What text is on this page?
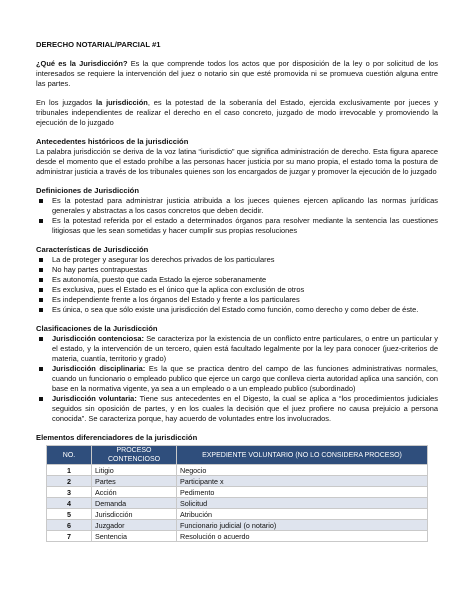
DERECHO NOTARIAL/PARCIAL #1

¿Qué es la Jurisdicción? Es la que comprende todos los actos que por disposición de la ley o por solicitud de los interesados se requiere la intervención del juez o notario sin que esté promovida ni se promueva cuestión alguna entre las partes.

En los juzgados la jurisdicción, es la potestad de la soberanía del Estado, ejercida exclusivamente por jueces y tribunales independientes de realizar el derecho en el caso concreto, juzgado de modo irrevocable y promoviendo la ejecución de lo juzgado

Antecedentes históricos de la jurisdicción
La palabra jurisdicción se deriva de la voz latina “iurisdictio” que significa administración de derecho. Esta figura aparece desde el momento que el estado prohíbe a las personas hacer justicia por su mano propia, el estado toma la postura de administrar justicia a través de los tribunales quienes son los encargados de juzgar y promover la ejecución de lo juzgado
Definiciones de Jurisdicción
Es la potestad para administrar justicia atribuida a los jueces quienes ejercen aplicando las normas jurídicas generales y abstractas a los casos concretos que deben decidir.
Es la potestad referida por el estado a determinados órganos para resolver mediante la sentencia las cuestiones litigiosas que les sean sometidas y hacer cumplir sus propias resoluciones
Características de Jurisdicción
La de proteger y asegurar los derechos privados de los particulares
No hay partes contrapuestas
Es autonomía, puesto que cada Estado la ejerce soberanamente
Es exclusiva, pues el Estado es el único que la aplica con exclusión de otros
Es independiente frente a los órganos del Estado y frente a los particulares
Es única, o sea que sólo existe una jurisdicción del Estado como función, como derecho y como deber de éste.
Clasificaciones de la Jurisdicción
Jurisdicción contenciosa: Se caracteriza por la existencia de un conflicto entre particulares, o entre un particular y el estado, y la intervención de un tercero, quien está facultado legalmente por la ley para conocer (juez-criterios de materia, cuantía, territorio y grado)
Jurisdicción disciplinaria: Es la que se practica dentro del campo de las funciones administrativas normales, cuando un funcionario o empleado publico que ejerce un cargo que conlleva cierta autoridad aplica una sanción, con base en la normativa vigente, ya sea a un empleado o a un empleado publico (subordinado)
Jurisdicción voluntaria: Tiene sus antecedentes en el Digesto, la cual se aplica a “los procedimientos judiciales seguidos sin oposición de partes, y en los cuales la decisión que el juez profiere no causa prejuicio a persona conocida”. Se caracteriza porque, hay acuerdo de voluntades entre los involucrados.
Elementos diferenciadores de la jurisdicción
NO.	PROCESO CONTENCIOSO	EXPEDIENTE VOLUNTARIO (NO LO CONSIDERA PROCESO)
1	Litigio	Negocio
2	Partes	Participante x
3	Acción	Pedimento
4	Demanda	Solicitud
5	Jurisdicción	Atribución
6	Juzgador	Funcionario judicial (o notario)
7	Sentencia	Resolución o acuerdo
